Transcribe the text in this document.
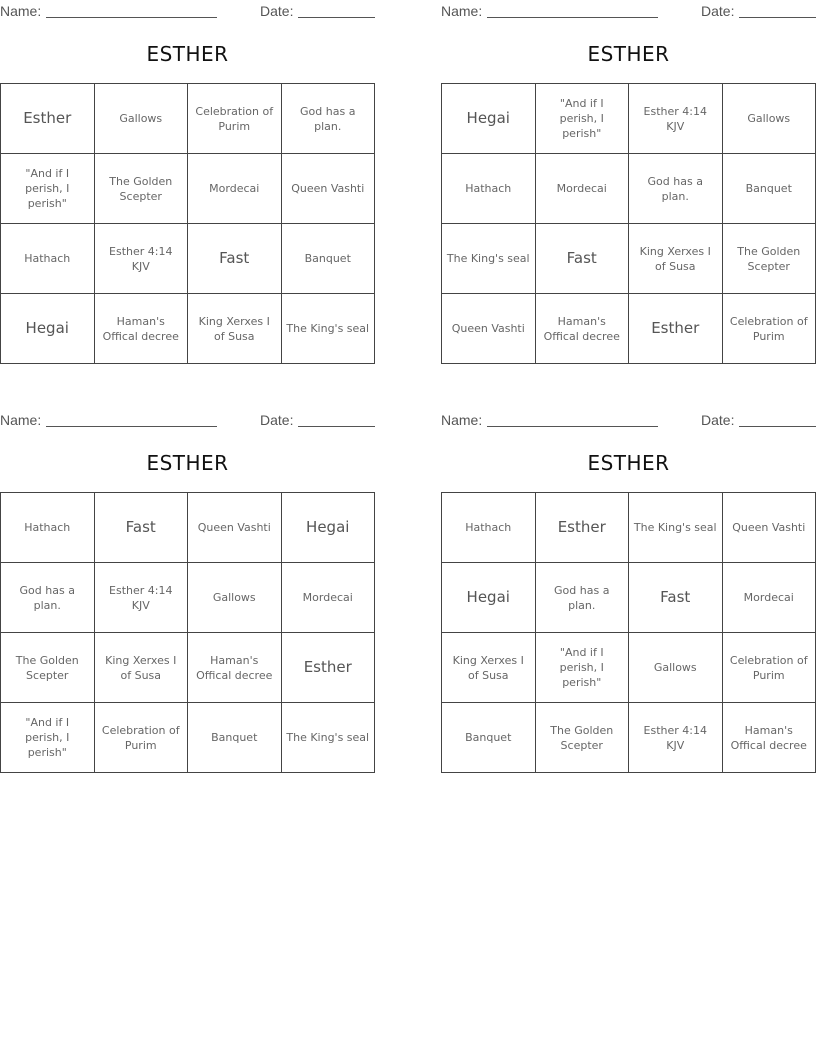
Name:	Date:
ESTHER
Esther	Gallows	Celebration of Purim	God has a plan.
"And if I perish, I perish"	The Golden Scepter	Mordecai	Queen Vashti
Hathach	Esther 4:14 KJV	Fast	Banquet
Hegai	Haman's Offical decree	King Xerxes I of Susa	The King's seal
Name:	Date:
ESTHER
Hegai	"And if I perish, I perish"	Esther 4:14 KJV	Gallows
Hathach	Mordecai	God has a plan.	Banquet
The King's seal	Fast	King Xerxes I of Susa	The Golden Scepter
Queen Vashti	Haman's Offical decree	Esther	Celebration of Purim
Name:	Date:
ESTHER
Hathach	Fast	Queen Vashti	Hegai
God has a plan.	Esther 4:14 KJV	Gallows	Mordecai
The Golden Scepter	King Xerxes I of Susa	Haman's Offical decree	Esther
"And if I perish, I perish"	Celebration of Purim	Banquet	The King's seal
Name:	Date:
ESTHER
Hathach	Esther	The King's seal	Queen Vashti
Hegai	God has a plan.	Fast	Mordecai
King Xerxes I of Susa	"And if I perish, I perish"	Gallows	Celebration of Purim
Banquet	The Golden Scepter	Esther 4:14 KJV	Haman's Offical decree
